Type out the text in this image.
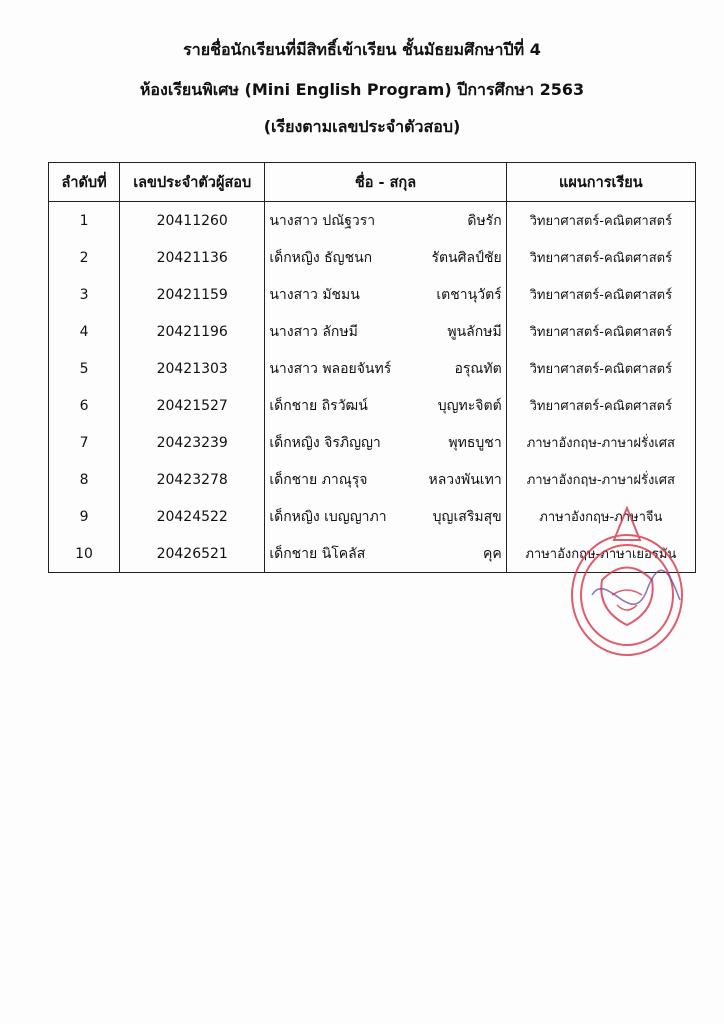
รายชื่อนักเรียนที่มีสิทธิ์เข้าเรียน ชั้นมัธยมศึกษาปีที่ 4
ห้องเรียนพิเศษ (Mini English Program) ปีการศึกษา 2563
(เรียงตามเลขประจำตัวสอบ)
ลำดับที่	เลขประจำตัวผู้สอบ	ชื่อ - สกุล	แผนการเรียน
1	20411260	นางสาว ปณัฐวรา ดิษรัก	วิทยาศาสตร์-คณิตศาสตร์
2	20421136	เด็กหญิง ธัญชนก รัตนศิลป์ชัย	วิทยาศาสตร์-คณิตศาสตร์
3	20421159	นางสาว มัชมน เตชานุวัตร์	วิทยาศาสตร์-คณิตศาสตร์
4	20421196	นางสาว ลักษมี พูนลักษมี	วิทยาศาสตร์-คณิตศาสตร์
5	20421303	นางสาว พลอยจันทร์ อรุณทัต	วิทยาศาสตร์-คณิตศาสตร์
6	20421527	เด็กชาย ถิรวัฒน์ บุญทะจิตต์	วิทยาศาสตร์-คณิตศาสตร์
7	20423239	เด็กหญิง จิรภิญญา พุทธบูชา	ภาษาอังกฤษ-ภาษาฝรั่งเศส
8	20423278	เด็กชาย ภาณุรุจ หลวงพันเทา	ภาษาอังกฤษ-ภาษาฝรั่งเศส
9	20424522	เด็กหญิง เบญญาภา บุญเสริมสุข	ภาษาอังกฤษ-ภาษาจีน
10	20426521	เด็กชาย นิโคลัส คุค	ภาษาอังกฤษ-ภาษาเยอรมัน
